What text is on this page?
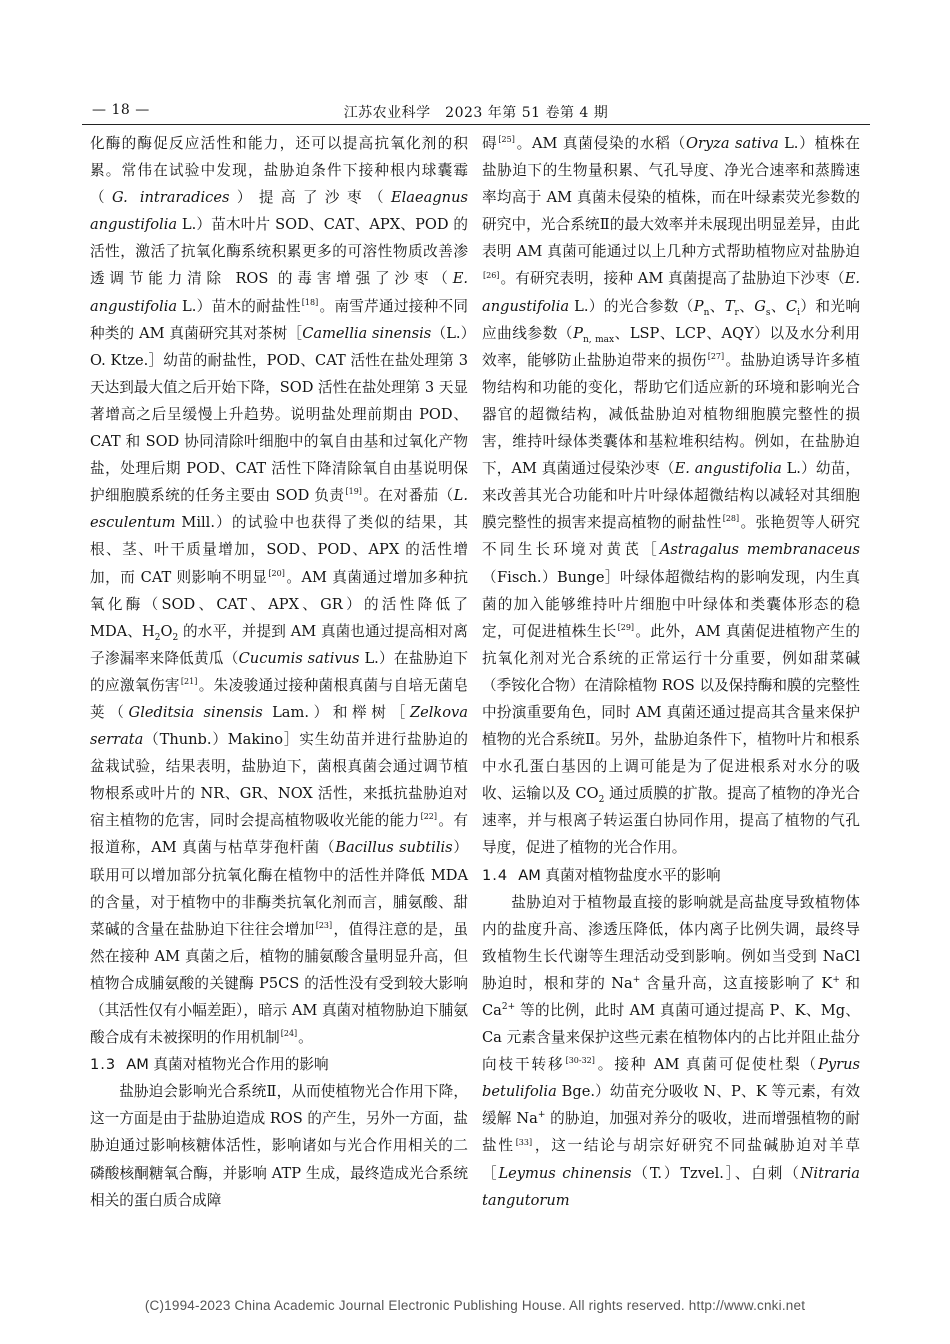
— 18 —	江苏农业科学　2023 年第 51 卷第 4 期

化酶的酶促反应活性和能力，还可以提高抗氧化剂的积累。常伟在试验中发现，盐胁迫条件下接种根内球囊霉（G. intraradices）提高了沙枣（Elaeagnus angustifolia L.）苗木叶片 SOD、CAT、APX、POD 的活性，激活了抗氧化酶系统积累更多的可溶性物质改善渗透调节能力清除 ROS 的毒害增强了沙枣（E. angustifolia L.）苗木的耐盐性[18]。南雪芹通过接种不同种类的 AM 真菌研究其对茶树［Camellia sinensis（L.）O. Ktze.］幼苗的耐盐性，POD、CAT 活性在盐处理第 3 天达到最大值之后开始下降，SOD 活性在盐处理第 3 天显著增高之后呈缓慢上升趋势。说明盐处理前期由 POD、CAT 和 SOD 协同清除叶细胞中的氧自由基和过氧化产物盐，处理后期 POD、CAT 活性下降清除氧自由基说明保护细胞膜系统的任务主要由 SOD 负责[19]。在对番茄（L. esculentum Mill.）的试验中也获得了类似的结果，其根、茎、叶干质量增加，SOD、POD、APX 的活性增加，而 CAT 则影响不明显[20]。AM 真菌通过增加多种抗氧化酶（SOD、CAT、APX、GR）的活性降低了 MDA、$H_2O_2$ 的水平，并提到 AM 真菌也通过提高相对离子渗漏率来降低黄瓜（Cucumis sativus L.）在盐胁迫下的应激氧伤害[21]。朱凌骏通过接种菌根真菌与自培无菌皂荚（Gleditsia sinensis Lam.）和榉树［Zelkova serrata（Thunb.）Makino］实生幼苗并进行盐胁迫的盆栽试验，结果表明，盐胁迫下，菌根真菌会通过调节植物根系或叶片的 NR、GR、NOX 活性，来抵抗盐胁迫对宿主植物的危害，同时会提高植物吸收光能的能力[22]。有报道称，AM 真菌与枯草芽孢杆菌（Bacillus subtilis）联用可以增加部分抗氧化酶在植物中的活性并降低 MDA 的含量，对于植物中的非酶类抗氧化剂而言，脯氨酸、甜菜碱的含量在盐胁迫下往往会增加[23]，值得注意的是，虽然在接种 AM 真菌之后，植物的脯氨酸含量明显升高，但植物合成脯氨酸的关键酶 P5CS 的活性没有受到较大影响（其活性仅有小幅差距），暗示 AM 真菌对植物胁迫下脯氨酸合成有未被探明的作用机制[24]。

1.3 AM 真菌对植物光合作用的影响

盐胁迫会影响光合系统Ⅱ，从而使植物光合作用下降，这一方面是由于盐胁迫造成 ROS 的产生，另外一方面，盐胁迫通过影响核糖体活性，影响诸如与光合作用相关的二磷酸核酮糖氧合酶，并影响 ATP 生成，最终造成光合系统相关的蛋白质合成障

碍[25]。AM 真菌侵染的水稻（Oryza sativa L.）植株在盐胁迫下的生物量积累、气孔导度、净光合速率和蒸腾速率均高于 AM 真菌未侵染的植株，而在叶绿素荧光参数的研究中，光合系统Ⅱ的最大效率并未展现出明显差异，由此表明 AM 真菌可能通过以上几种方式帮助植物应对盐胁迫[26]。有研究表明，接种 AM 真菌提高了盐胁迫下沙枣（E. angustifolia L.）的光合参数（$P_n$、$T_r$、$G_s$、$C_i$）和光响应曲线参数（$P_{n, max}$、LSP、LCP、AQY）以及水分利用效率，能够防止盐胁迫带来的损伤[27]。盐胁迫诱导许多植物结构和功能的变化，帮助它们适应新的环境和影响光合器官的超微结构，减低盐胁迫对植物细胞膜完整性的损害，维持叶绿体类囊体和基粒堆积结构。例如，在盐胁迫下，AM 真菌通过侵染沙枣（E. angustifolia L.）幼苗，来改善其光合功能和叶片叶绿体超微结构以减轻对其细胞膜完整性的损害来提高植物的耐盐性[28]。张艳贺等人研究不同生长环境对黄芪［Astragalus membranaceus（Fisch.）Bunge］叶绿体超微结构的影响发现，内生真菌的加入能够维持叶片细胞中叶绿体和类囊体形态的稳定，可促进植株生长[29]。此外，AM 真菌促进植物产生的抗氧化剂对光合系统的正常运行十分重要，例如甜菜碱（季铵化合物）在清除植物 ROS 以及保持酶和膜的完整性中扮演重要角色，同时 AM 真菌还通过提高其含量来保护植物的光合系统Ⅱ。另外，盐胁迫条件下，植物叶片和根系中水孔蛋白基因的上调可能是为了促进根系对水分的吸收、运输以及 $CO_2$ 通过质膜的扩散。提高了植物的净光合速率，并与根离子转运蛋白协同作用，提高了植物的气孔导度，促进了植物的光合作用。

1.4 AM 真菌对植物盐度水平的影响

盐胁迫对于植物最直接的影响就是高盐度导致植物体内的盐度升高、渗透压降低，体内离子比例失调，最终导致植物生长代谢等生理活动受到影响。例如当受到 NaCl 胁迫时，根和芽的 Na+ 含量升高，这直接影响了 K+ 和 $Ca^{2+}$ 等的比例，此时 AM 真菌可通过提高 P、K、Mg、Ca 元素含量来保护这些元素在植物体内的占比并阻止盐分向枝干转移[30-32]。接种 AM 真菌可促使杜梨（Pyrus betulifolia Bge.）幼苗充分吸收 N、P、K 等元素，有效缓解 Na+ 的胁迫，加强对养分的吸收，进而增强植物的耐盐性[33]，这一结论与胡宗好研究不同盐碱胁迫对羊草［Leymus chinensis（T.）Tzvel.］、白刺（Nitraria tangutorum

(C)1994-2023 China Academic Journal Electronic Publishing House. All rights reserved. http://www.cnki.net
